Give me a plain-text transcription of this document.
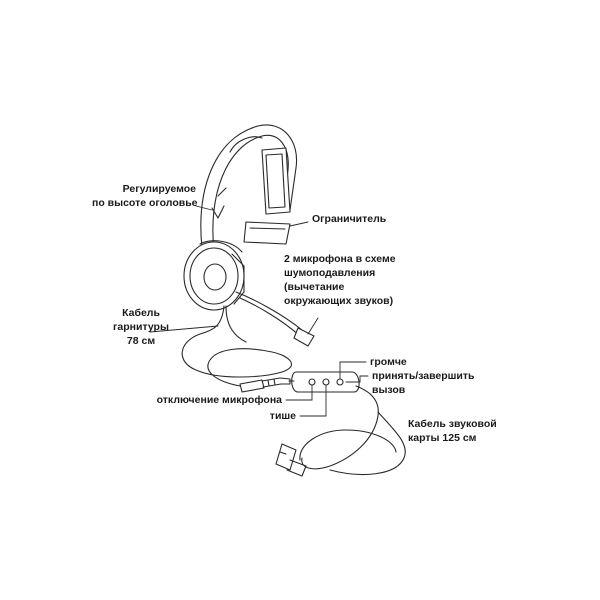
Регулируемое
по высоте оголовье
Ограничитель
2 микрофона в схеме
шумоподавления
(вычетание
окружающих звуков)
Кабель
гарнитуры
78 см
громче
принять/завершить
вызов
отключение микрофона
тише
Кабель звуковой
карты 125 см
